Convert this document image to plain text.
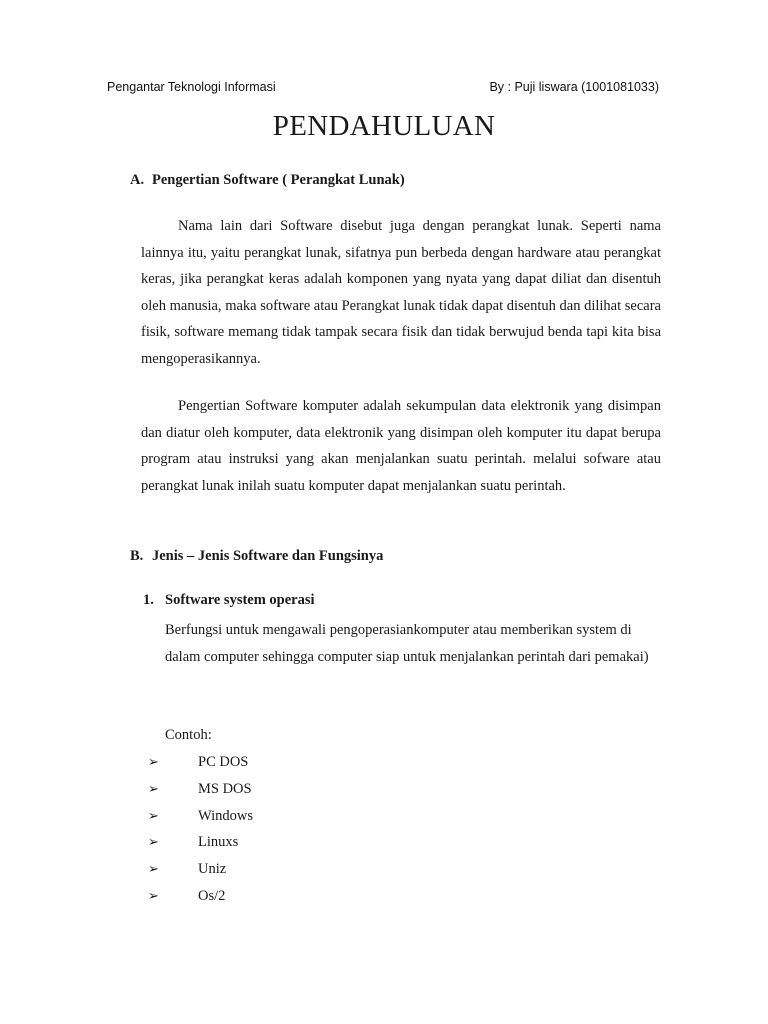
Pengantar Teknologi Informasi	By : Puji liswara (1001081033)
PENDAHULUAN
A. Pengertian Software ( Perangkat Lunak)

Nama lain dari Software disebut juga dengan perangkat lunak. Seperti nama lainnya itu, yaitu perangkat lunak, sifatnya pun berbeda dengan hardware atau perangkat keras, jika perangkat keras adalah komponen yang nyata yang dapat diliat dan disentuh oleh manusia, maka software atau Perangkat lunak tidak dapat disentuh dan dilihat secara fisik, software memang tidak tampak secara fisik dan tidak berwujud benda tapi kita bisa mengoperasikannya.

Pengertian Software komputer adalah sekumpulan data elektronik yang disimpan dan diatur oleh komputer, data elektronik yang disimpan oleh komputer itu dapat berupa program atau instruksi yang akan menjalankan suatu perintah. melalui sofware atau perangkat lunak inilah suatu komputer dapat menjalankan suatu perintah.

B. Jenis – Jenis Software dan Fungsinya
1. Software system operasi

Berfungsi untuk mengawali pengoperasiankomputer atau memberikan system di dalam computer sehingga computer siap untuk menjalankan perintah dari pemakai)

Contoh:

➢	PC DOS
➢	MS DOS
➢	Windows
➢	Linuxs
➢	Uniz
➢	Os/2
